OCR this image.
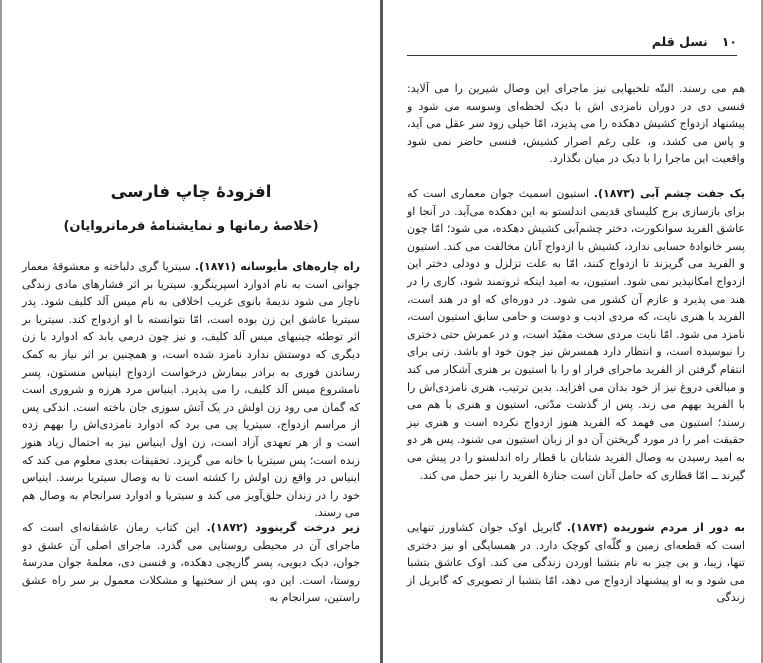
افزودهٔ چاپ فارسی
(خلاصهٔ رمانها و نمایشنامهٔ فرمانروایان)
راه چاره‌های مأیوسانه (۱۸۷۱). سیتریا گری دلباخته و معشوقهٔ معمار جوانی است به نام ادوارد اسپرینگرو. سیتریا بر اثر فشارهای مادی زندگی ناچار می شود ندیمهٔ بانوی غریب اخلاقی به نام میس آلد کلیف شود. پدر سیتریا عاشق این زن بوده است، امّا نتوانسته با او ازدواج کند. سیتریا بر اثر توطئه چینیهای میس آلد کلیف، و نیز چون درمی یابد که ادوارد با زن دیگری که دوستش ندارد نامزد شده است، و همچنین بر اثر نیاز به کمک رساندن فوری به برادر بیمارش درخواست ازدواج اینیاس منستون، پسر نامشروع میس آلد کلیف، را می پذیرد. اینیاس مرد هرزه و شروری است که گمان می رود زن اولش در یک آتش سوزی جان باخته است. اندکی پس از مراسم ازدواج، سیتریا پی می برد که ادوارد نامزدی‌اش را بههم زده است و از هر تعهدی آزاد است، زن اول اینیاس نیز به احتمال زیاد هنوز زنده است؛ پس سیتریا با خانه می گریزد. تحقیقات بعدی معلوم می کند که اینیاس در واقع زن اولش را کشته است تا به وصال سیتریا برسد. اینیاس خود را در زندان حلق‌آویز می کند و سیتریا و ادوارد سرانجام به وصال هم می رسند.
زیر درخت گرینوود (۱۸۷۲). این کتاب رمان عاشقانه‌ای است که ماجرای آن در محیطی روستایی می گذرد. ماجرای اصلی آن عشق دو جوان، دیک دیویی، پسر گاریچی دهکده، و فنسی دی، معلمهٔ جوان مدرسهٔ روستا، است. این دو، پس از سختیها و مشکلات معمول بر سر راه عشق راستین، سرانجام به
۱۰نسل قلم
هم می رسند. البتّه تلخیهایی نیز ماجرای این وصال شیرین را می آلاید: فنسی دی در دوران نامزدی اش با دیک لحظه‌ای وسوسه می شود و پیشنهاد ازدواج کشیش دهکده را می پذیرد، امّا خیلی زود سر عقل می آید، و پاس می کشد، و، علی رغم اصرار کشیش، فنسی حاضر نمی شود واقعیت این ماجرا را با دیک در میان بگذارد.
یک جفت چشم آبی (۱۸۷۳). استیون اسمیث جوان معماری است که برای بازسازی برج کلیسای قدیمی اندلستو به این دهکده می‌آید. در آنجا او عاشق الفرید سوانکورت، دختر چشم‌آبی کشیش دهکده، می شود؛ امّا چون پسر خانوادهٔ حسابی ندارد، کشیش با ازدواج آنان مخالفت می کند. استیون و الفرید می گریزند تا ازدواج کنند، امّا به علت تزلزل و دودلی دختر این ازدواج امکانپذیر نمی شود. استیون، به امید اینکه ثروتمند شود، کاری را در هند می پذیرد و عازم آن کشور می شود. در دوره‌ای که او در هند است، الفرید با هنری نایت، که مردی ادیب و دوست و حامی سابق استیون است، نامزد می شود. امّا نایت مردی سخت مقیّد است، و در عمرش حتی دختری را نبوسیده است، و انتظار دارد همسرش نیز چون خود او باشد. زنی برای انتقام گرفتن از الفرید ماجرای فرار او را با استیون بر هنری آشکار می کند و مبالغی دروغ نیز از خود بدان می افزاید. بدین ترتیب، هنری نامزدی‌اش را با الفرید بههم می زند. پس از گذشت مدّتی، استیون و هنری با هم می رسند؛ استیون می فهمد که الفرید هنوز ازدواج نکرده است و هنری نیز حقیقت امر را در مورد گریختن آن دو از زبان استیون می شنود. پس هر دو به امید رسیدن به وصال الفرید شتابان با قطار راه اندلستو را در پیش می گیرند ــ امّا قطاری که حامل آنان است جنازهٔ الفرید را نیز حمل می کند.
به دور از مردم شوریده (۱۸۷۴). گابریل اوک جوان کشاورز تنهایی است که قطعه‌ای زمین و گلّه‌ای کوچک دارد. در همسایگی او نیز دختری تنها، زیبا، و بی چیز به نام بتشبا اوردن زندگی می کند. اوک عاشق بتشبا می شود و به او پیشنهاد ازدواج می دهد، امّا بتشبا از تصویری که گابریل از زندگی
